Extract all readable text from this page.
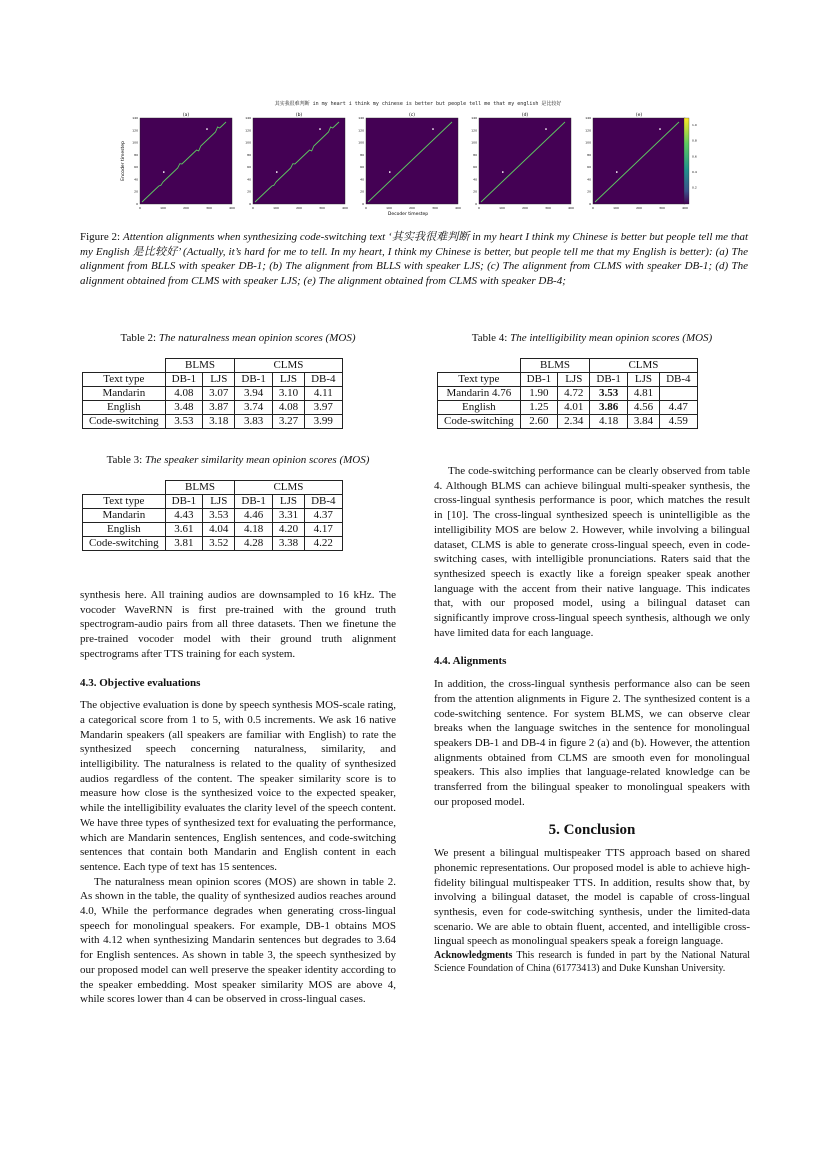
其实我很难判断 in my heart i think my chinese is better but people tell me that my english 是比较好
Encoder timestep
(a)
0	100	200	300	400
0
20
40
60
80
100
120
140	(b)
0	100	200	300	400
0
20
40
60
80
100
120
140	(c)
0	100	200	300	400
0
20
40
60
80
100
120
140	(d)
0	100	200	300	400
0
20
40
60
80
100
120
140	(e)
0	100	200	300	400
0
20
40
60
80
100
120
140
1.0
0.8
0.6
0.4
0.2
Decoder timestep
Figure 2: Attention alignments when synthesizing code-switching text ‘其实我很难判断 in my heart I think my Chinese is better but people tell me that my English 是比较好’ (Actually, it’s hard for me to tell. In my heart, I think my Chinese is better, but people tell me that my English is better): (a) The alignment from BLLS with speaker DB-1; (b) The alignment from BLLS with speaker LJS; (c) The alignment from CLMS with speaker DB-1; (d) The alignment obtained from CLMS with speaker LJS; (e) The alignment obtained from CLMS with speaker DB-4;
Table 2: The naturalness mean opinion scores (MOS)
	BLMS		CLMS		
Text type	DB-1	LJS	DB-1	LJS	DB-4
Mandarin	4.08	3.07	3.94	3.10	4.11
English	3.48	3.87	3.74	4.08	3.97
Code-switching	3.53	3.18	3.83	3.27	3.99
Table 3: The speaker similarity mean opinion scores (MOS)
	BLMS		CLMS		
Text type	DB-1	LJS	DB-1	LJS	DB-4
Mandarin	4.43	3.53	4.46	3.31	4.37
English	3.61	4.04	4.18	4.20	4.17
Code-switching	3.81	3.52	4.28	3.38	4.22
Table 4: The intelligibility mean opinion scores (MOS)
	BLMS		CLMS		
Text type	DB-1	LJS	DB-1	LJS	DB-4
Mandarin 4.76	1.90	4.72	3.53	4.81	
English	1.25	4.01	3.86	4.56	4.47
Code-switching	2.60	2.34	4.18	3.84	4.59

synthesis here. All training audios are downsampled to 16 kHz. The vocoder WaveRNN is first pre-trained with the ground truth spectrogram-audio pairs from all three datasets. Then we finetune the pre-trained vocoder model with their ground truth alignment spectrograms after TTS training for each system.

4.3. Objective evaluations

The objective evaluation is done by speech synthesis MOS-scale rating, a categorical score from 1 to 5, with 0.5 increments. We ask 16 native Mandarin speakers (all speakers are familiar with English) to rate the synthesized speech concerning naturalness, similarity, and intelligibility. The naturalness is related to the quality of synthesized audios regardless of the content. The speaker similarity score is to measure how close is the synthesized voice to the expected speaker, while the intelligibility evaluates the clarity level of the speech content. We have three types of synthesized text for evaluating the performance, which are Mandarin sentences, English sentences, and code-switching sentences that contain both Mandarin and English content in each sentence. Each type of text has 15 sentences.

The naturalness mean opinion scores (MOS) are shown in table 2. As shown in the table, the quality of synthesized audios reaches around 4.0, While the performance degrades when generating cross-lingual speech for monolingual speakers. For example, DB-1 obtains MOS with 4.12 when synthesizing Mandarin sentences but degrades to 3.64 for English sentences. As shown in table 3, the speech synthesized by our proposed model can well preserve the speaker identity according to the speaker embedding. Most speaker similarity MOS are above 4, while scores lower than 4 can be observed in cross-lingual cases.

The code-switching performance can be clearly observed from table 4. Although BLMS can achieve bilingual multi-speaker synthesis, the cross-lingual synthesis performance is poor, which matches the result in [10]. The cross-lingual synthesized speech is unintelligible as the intelligibility MOS are below 2. However, while involving a bilingual dataset, CLMS is able to generate cross-lingual speech, even in code-switching cases, with intelligible pronunciations. Raters said that the synthesized speech is exactly like a foreign speaker speak another language with the accent from their native language. This indicates that, with our proposed model, using a bilingual dataset can significantly improve cross-lingual speech synthesis, although we only have limited data for each language.

4.4. Alignments

In addition, the cross-lingual synthesis performance also can be seen from the attention alignments in Figure 2. The synthesized content is a code-switching sentence. For system BLMS, we can observe clear breaks when the language switches in the sentence for monolingual speakers DB-1 and DB-4 in figure 2 (a) and (b). However, the attention alignments obtained from CLMS are smooth even for monolingual speakers. This also implies that language-related knowledge can be transferred from the bilingual speaker to monolingual speakers with our proposed model.

5. Conclusion

We present a bilingual multispeaker TTS approach based on shared phonemic representations. Our proposed model is able to achieve high-fidelity bilingual multispeaker TTS. In addition, results show that, by involving a bilingual dataset, the model is capable of cross-lingual synthesis, even for code-switching synthesis, under the limited-data scenario. We are able to obtain fluent, accented, and intelligible cross-lingual speech as monolingual speakers speak a foreign language.

Acknowledgments This research is funded in part by the National Natural Science Foundation of China (61773413) and Duke Kunshan University.
